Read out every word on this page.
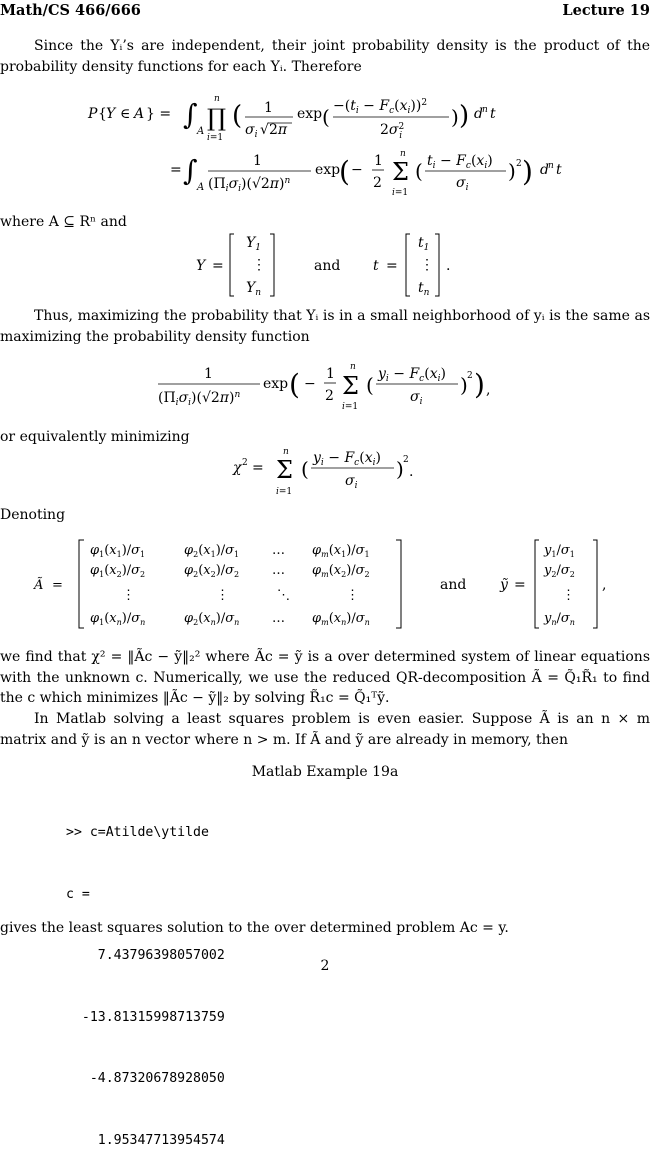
Math/CS 466/666	Lecture 19
Since the Yᵢ’s are independent, their joint probability density is the product of the probability density functions for each Yᵢ. Therefore
P { Y ∈ A } = ∫
A ∏
n
i=1
( 1
$\sigma_i$ √ 2π
exp ( $-(t_i - F_c(x_i))^2$
$2\sigma^2$ i
) ) d n t
= ∫
A
1
$(\Pi_i\sigma_i)(√2\pi)^n$
exp
( −
1
2 Σ
n
i=1
( $t_i - F_c(x_i)$
$\sigma_i$
) 2 ) d n t
where A ⊆ Rⁿ and
Y =
$Y_1$
⋮
$Y_n$
and t =
$t_1$
⋮
$t_n$
.
Thus, maximizing the probability that Yᵢ is in a small neighborhood of yᵢ is the same as maximizing the probability density function
1
$(\Pi_i\sigma_i)(√2\pi)^n$
exp ( −
1
2 Σ
n
i=1
( $y_i - F_c(x_i)$
$\sigma_i$
) 2 ) ,
or equivalently minimizing
χ 2 = Σ
n
i=1
( $y_i - F_c(x_i)$
$\sigma_i$
) 2
.
Denoting
Ã =
$\varphi_1(x_1)/\sigma_1$	$\varphi_2(x_1)/\sigma_1$	… $\varphi_m(x_1)/\sigma_1$
$\varphi_1(x_2)/\sigma_2$	$\varphi_2(x_2)/\sigma_2$	… $\varphi_m(x_2)/\sigma_2$
⋮	⋮	⋱	⋮
$\varphi_1(x_n)/\sigma_n$	$\varphi_2(x_n)/\sigma_n$	… $\varphi_m(x_n)/\sigma_n$
and ỹ =
$y_1/\sigma_1$
$y_2/\sigma_2$
⋮
$y_n/\sigma_n$
,
we find that χ² = ‖Ãc − ỹ‖₂² where Ãc = ỹ is a over determined system of linear equations with the unknown c. Numerically, we use the reduced QR-decomposition Ã = Q̃₁R̃₁ to find the c which minimizes ‖Ãc − ỹ‖₂ by solving R̃₁c = Q̃₁ᵀỹ.
In Matlab solving a least squares problem is even easier. Suppose Ã is an n × m matrix and ỹ is an n vector where n > m. If Ã and ỹ are already in memory, then
Matlab Example 19a

>> c=Atilde\ytilde

c =

7.43796398057002

-13.81315998713759

-4.87320678928050

1.95347713954574

gives the least squares solution to the over determined problem Ac = y.
2
